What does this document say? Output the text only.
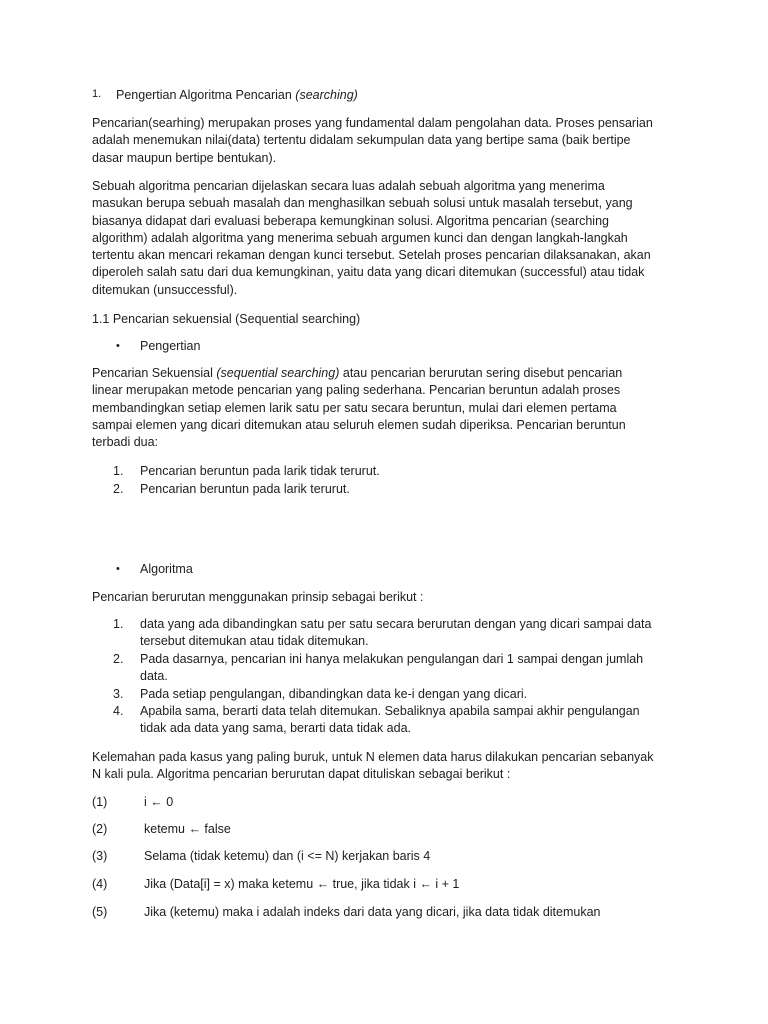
1. Pengertian Algoritma Pencarian (searching)
Pencarian(searhing) merupakan proses yang fundamental dalam pengolahan data. Proses pensarian
adalah menemukan nilai(data) tertentu didalam sekumpulan data yang bertipe sama (baik bertipe
dasar maupun bertipe bentukan).
Sebuah algoritma pencarian dijelaskan secara luas adalah sebuah algoritma yang menerima
masukan berupa sebuah masalah dan menghasilkan sebuah solusi untuk masalah tersebut, yang
biasanya didapat dari evaluasi beberapa kemungkinan solusi. Algoritma pencarian (searching
algorithm) adalah algoritma yang menerima sebuah argumen kunci dan dengan langkah-langkah
tertentu akan mencari rekaman dengan kunci tersebut. Setelah proses pencarian dilaksanakan, akan
diperoleh salah satu dari dua kemungkinan, yaitu data yang dicari ditemukan (successful) atau tidak
ditemukan (unsuccessful).
1.1 Pencarian sekuensial (Sequential searching)
• Pengertian
Pencarian Sekuensial (sequential searching) atau pencarian berurutan sering disebut pencarian
linear merupakan metode pencarian yang paling sederhana. Pencarian beruntun adalah proses
membandingkan setiap elemen larik satu per satu secara beruntun, mulai dari elemen pertama
sampai elemen yang dicari ditemukan atau seluruh elemen sudah diperiksa. Pencarian beruntun
terbadi dua:
1. Pencarian beruntun pada larik tidak terurut.
2. Pencarian beruntun pada larik terurut.
• Algoritma
Pencarian berurutan menggunakan prinsip sebagai berikut :
1. data yang ada dibandingkan satu per satu secara berurutan dengan yang dicari sampai data
tersebut ditemukan atau tidak ditemukan.
2. Pada dasarnya, pencarian ini hanya melakukan pengulangan dari 1 sampai dengan jumlah
data.
3. Pada setiap pengulangan, dibandingkan data ke-i dengan yang dicari.
4. Apabila sama, berarti data telah ditemukan. Sebaliknya apabila sampai akhir pengulangan
tidak ada data yang sama, berarti data tidak ada.
Kelemahan pada kasus yang paling buruk, untuk N elemen data harus dilakukan pencarian sebanyak
N kali pula. Algoritma pencarian berurutan dapat dituliskan sebagai berikut :
(1)	i ← 0
(2)	ketemu ← false
(3)	Selama (tidak ketemu) dan (i <= N) kerjakan baris 4
(4)	Jika (Data[i] = x) maka ketemu ← true, jika tidak i ← i + 1
(5)	Jika (ketemu) maka i adalah indeks dari data yang dicari, jika data tidak ditemukan
